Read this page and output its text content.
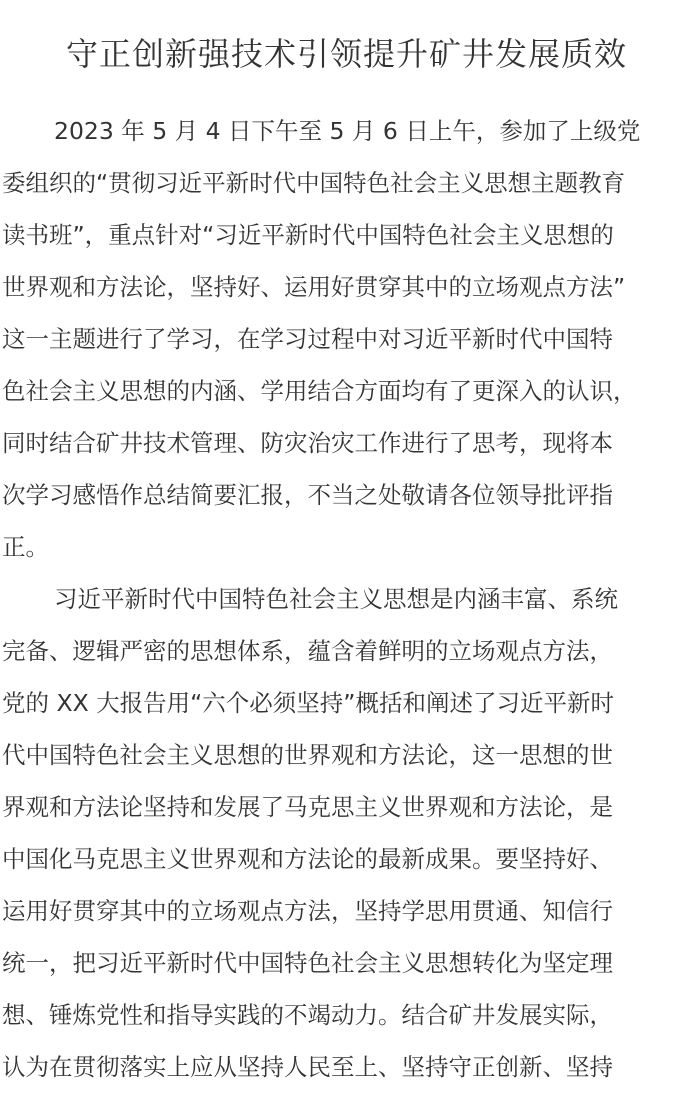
守正创新强技术引领提升矿井发展质效
2023 年 5 月 4 日下午至 5 月 6 日上午，参加了上级党
委组织的“贯彻习近平新时代中国特色社会主义思想主题教育
读书班”，重点针对“习近平新时代中国特色社会主义思想的
世界观和方法论，坚持好、运用好贯穿其中的立场观点方法”
这一主题进行了学习，在学习过程中对习近平新时代中国特
色社会主义思想的内涵、学用结合方面均有了更深入的认识，
同时结合矿井技术管理、防灾治灾工作进行了思考，现将本
次学习感悟作总结简要汇报，不当之处敬请各位领导批评指
正。
习近平新时代中国特色社会主义思想是内涵丰富、系统
完备、逻辑严密的思想体系，蕴含着鲜明的立场观点方法，
党的 XX 大报告用“六个必须坚持”概括和阐述了习近平新时
代中国特色社会主义思想的世界观和方法论，这一思想的世
界观和方法论坚持和发展了马克思主义世界观和方法论，是
中国化马克思主义世界观和方法论的最新成果。要坚持好、
运用好贯穿其中的立场观点方法，坚持学思用贯通、知信行
统一，把习近平新时代中国特色社会主义思想转化为坚定理
想、锤炼党性和指导实践的不竭动力。结合矿井发展实际，
认为在贯彻落实上应从坚持人民至上、坚持守正创新、坚持
